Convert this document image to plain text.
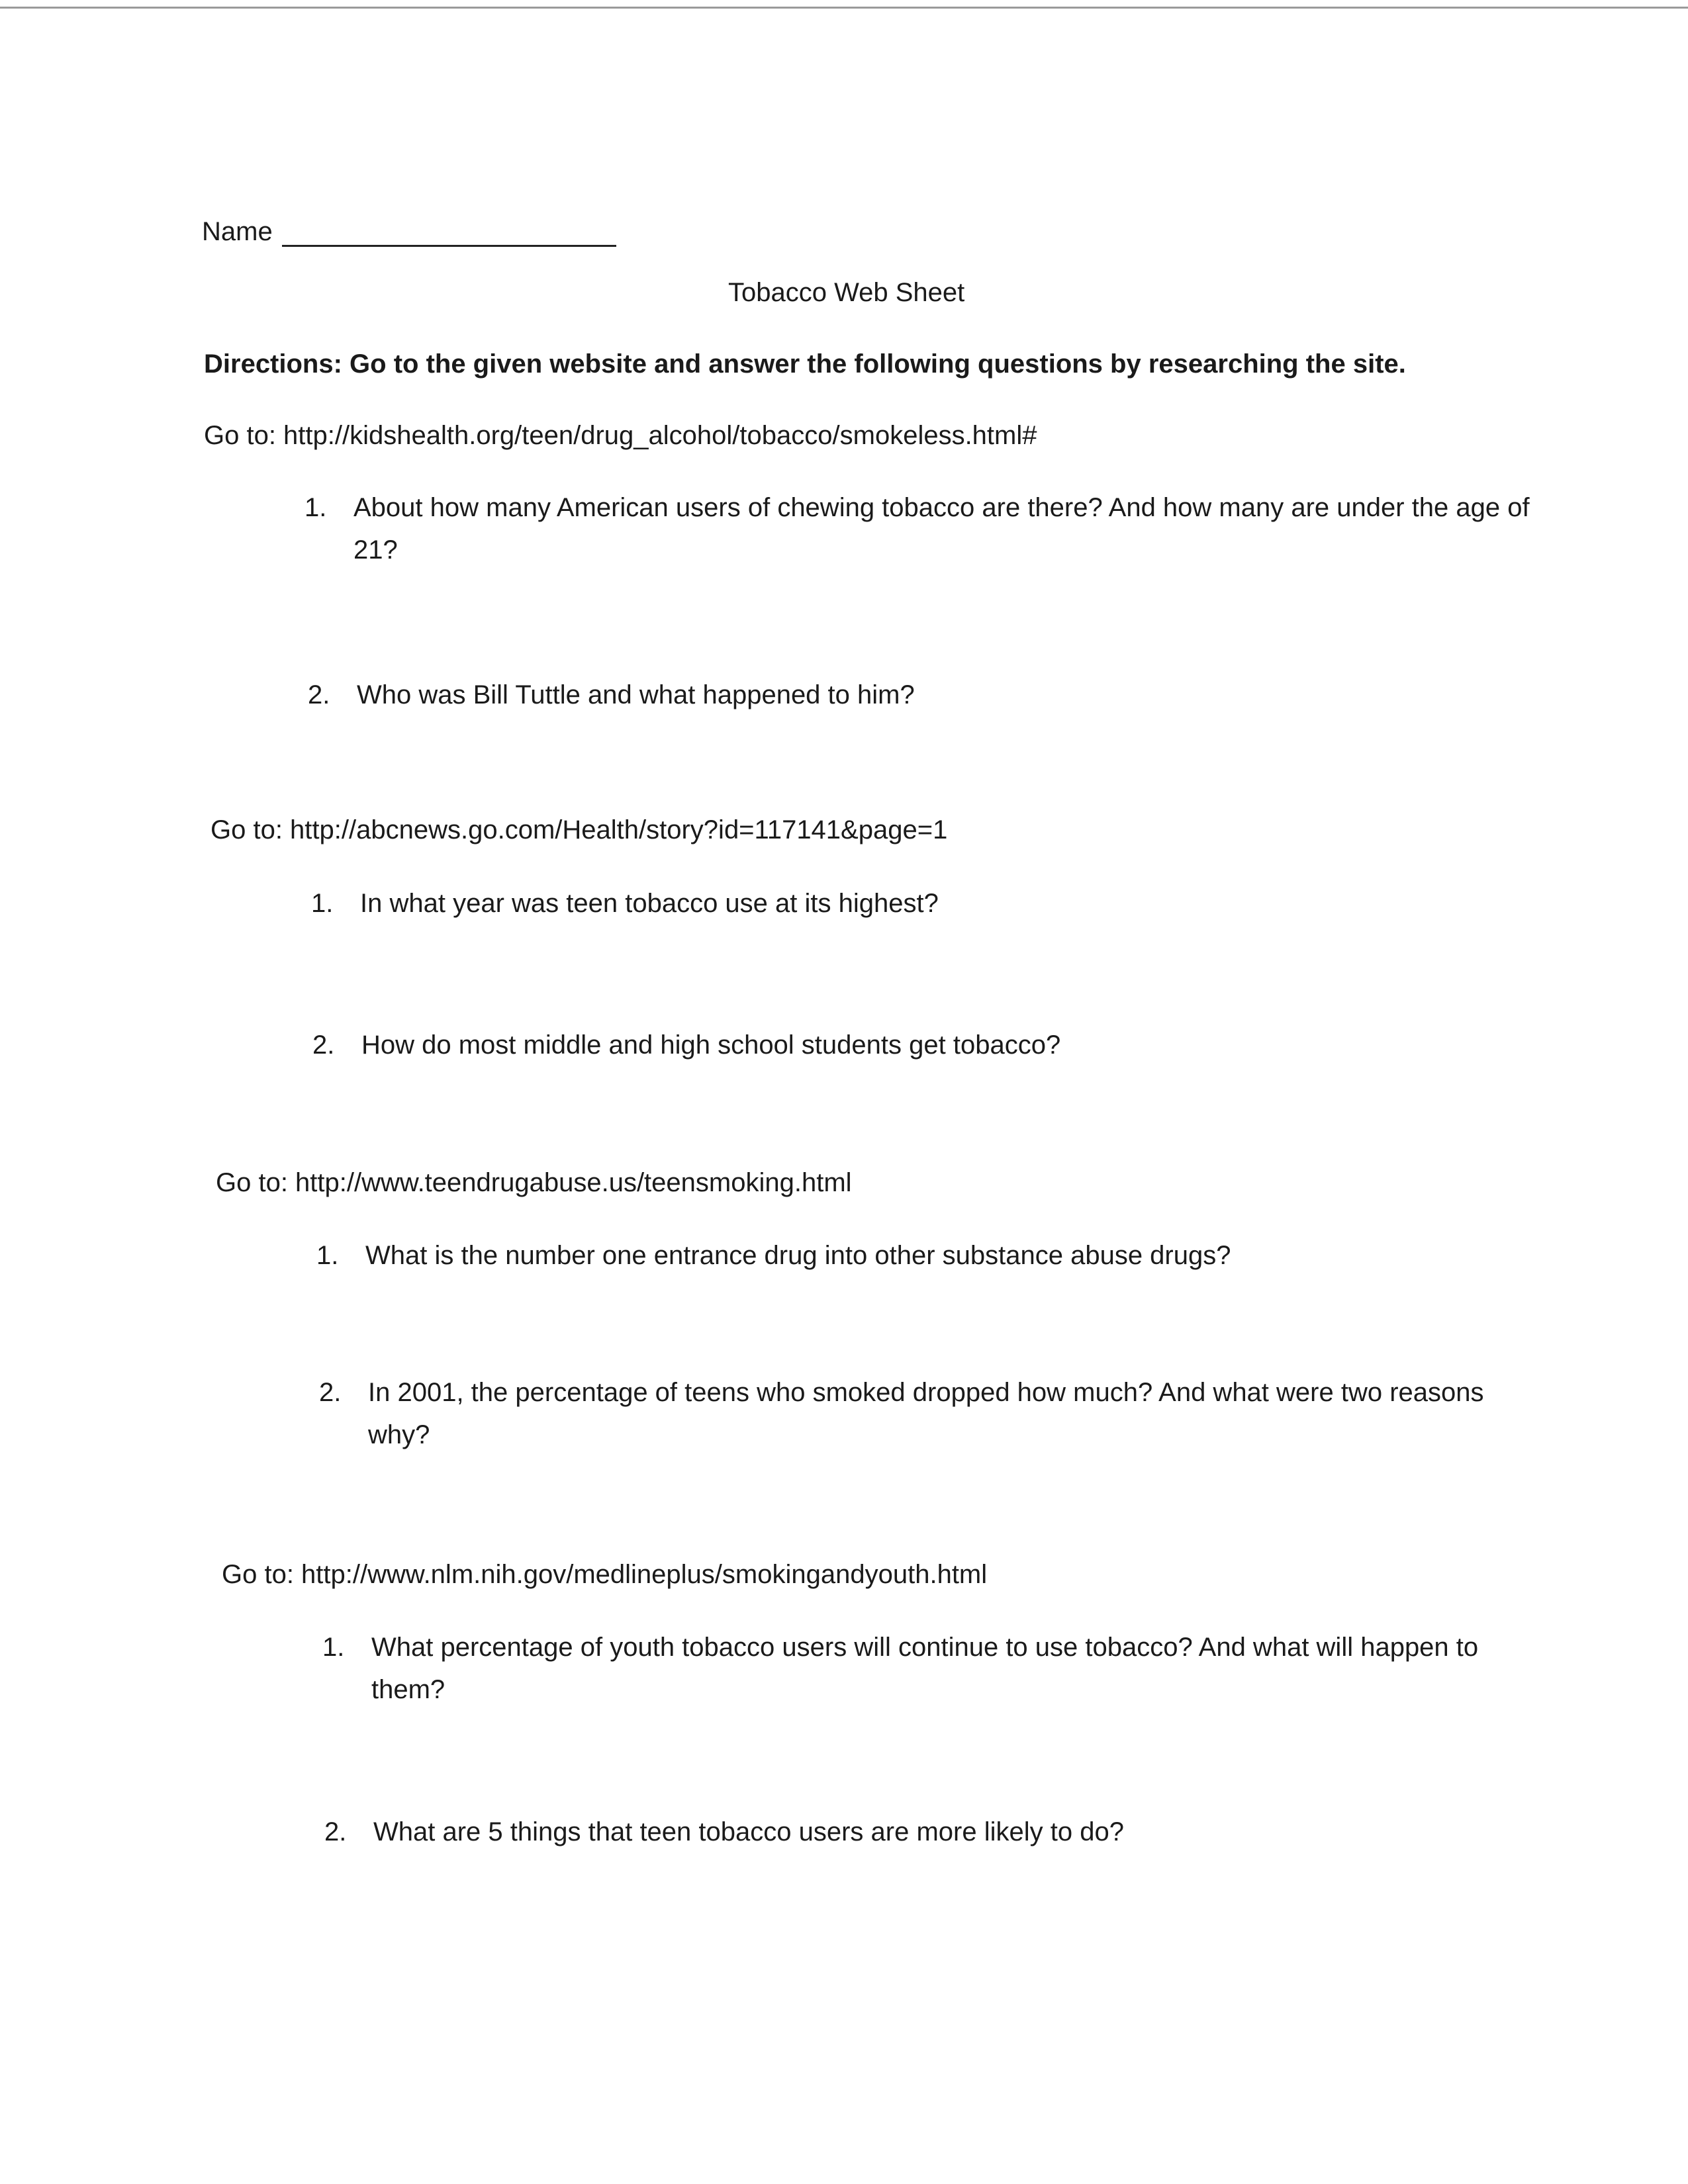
Name
Tobacco Web Sheet
Directions: Go to the given website and answer the following questions by researching the site.
Go to: http://kidshealth.org/teen/drug_alcohol/tobacco/smokeless.html#
1. About how many American users of chewing tobacco are there? And how many are under the age of 21?
2. Who was Bill Tuttle and what happened to him?
Go to: http://abcnews.go.com/Health/story?id=117141&page=1
1. In what year was teen tobacco use at its highest?
2. How do most middle and high school students get tobacco?
Go to: http://www.teendrugabuse.us/teensmoking.html
1. What is the number one entrance drug into other substance abuse drugs?
2. In 2001, the percentage of teens who smoked dropped how much? And what were two reasons why?
Go to: http://www.nlm.nih.gov/medlineplus/smokingandyouth.html
1. What percentage of youth tobacco users will continue to use tobacco? And what will happen to them?
2. What are 5 things that teen tobacco users are more likely to do?
